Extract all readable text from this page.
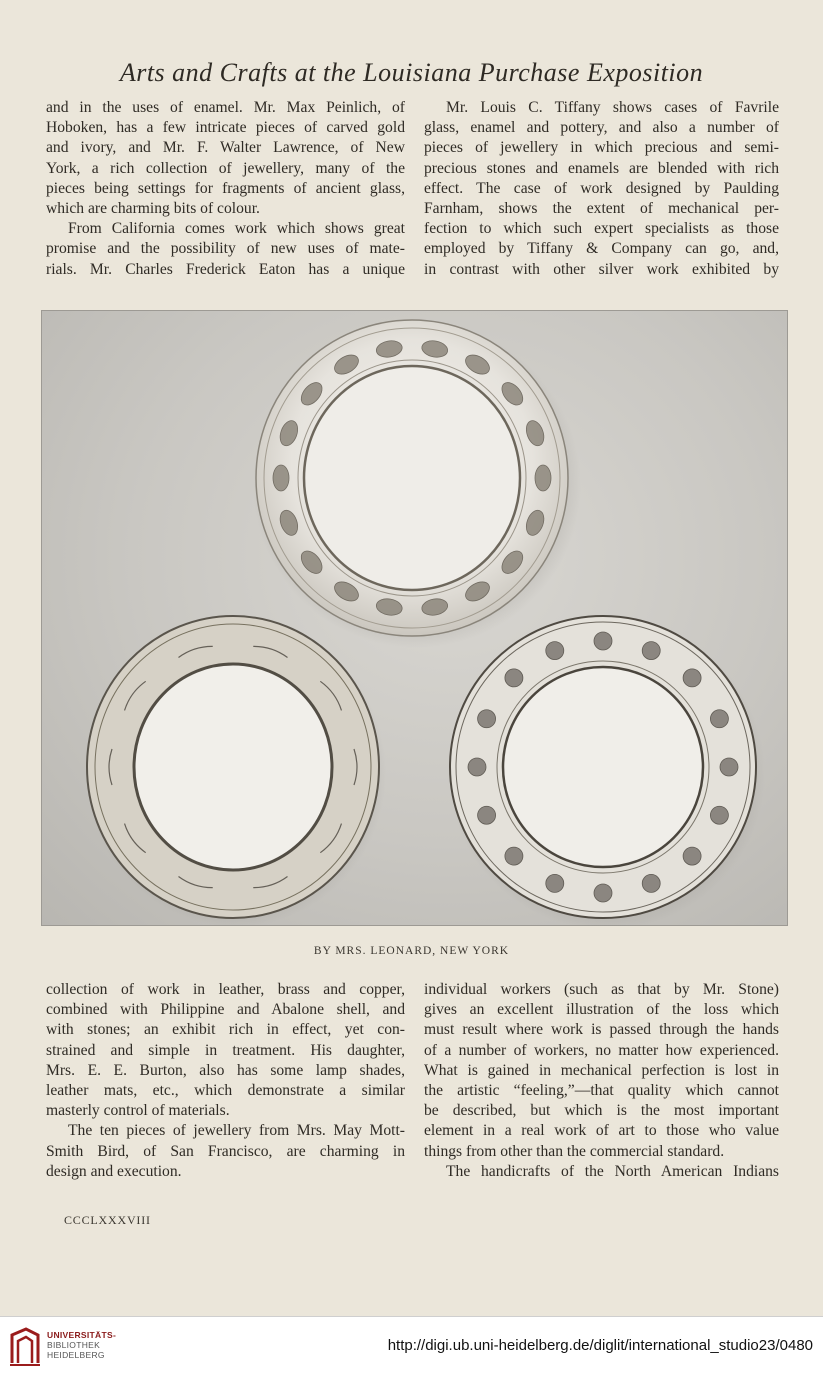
Arts and Crafts at the Louisiana Purchase Exposition

and in the uses of enamel. Mr. Max Peinlich, of
Hoboken, has a few intricate pieces of carved gold
and ivory, and Mr. F. Walter Lawrence, of New
York, a rich collection of jewellery, many of the
pieces being settings for fragments of ancient glass,
which are charming bits of colour.

From California comes work which shows great
promise and the possibility of new uses of mate-
rials. Mr. Charles Frederick Eaton has a unique

Mr. Louis C. Tiffany shows cases of Favrile
glass, enamel and pottery, and also a number of
pieces of jewellery in which precious and semi-
precious stones and enamels are blended with rich
effect. The case of work designed by Paulding
Farnham, shows the extent of mechanical per-
fection to which such expert specialists as those
employed by Tiffany & Company can go, and,
in contrast with other silver work exhibited by

BY MRS. LEONARD, NEW YORK

collection of work in leather, brass and copper,
combined with Philippine and Abalone shell, and
with stones; an exhibit rich in effect, yet con-
strained and simple in treatment. His daughter,
Mrs. E. E. Burton, also has some lamp shades,
leather mats, etc., which demonstrate a similar
masterly control of materials.

The ten pieces of jewellery from Mrs. May Mott-
Smith Bird, of San Francisco, are charming in
design and execution.

individual workers (such as that by Mr. Stone)
gives an excellent illustration of the loss which
must result where work is passed through the hands
of a number of workers, no matter how experienced.
What is gained in mechanical perfection is lost in
the artistic “feeling,”—that quality which cannot
be described, but which is the most important
element in a real work of art to those who value
things from other than the commercial standard.

The handicrafts of the North American Indians

CCCLXXXVIII
UNIVERSITÄTS-
BIBLIOTHEK
HEIDELBERG
http://digi.ub.uni-heidelberg.de/diglit/international_studio23/0480
